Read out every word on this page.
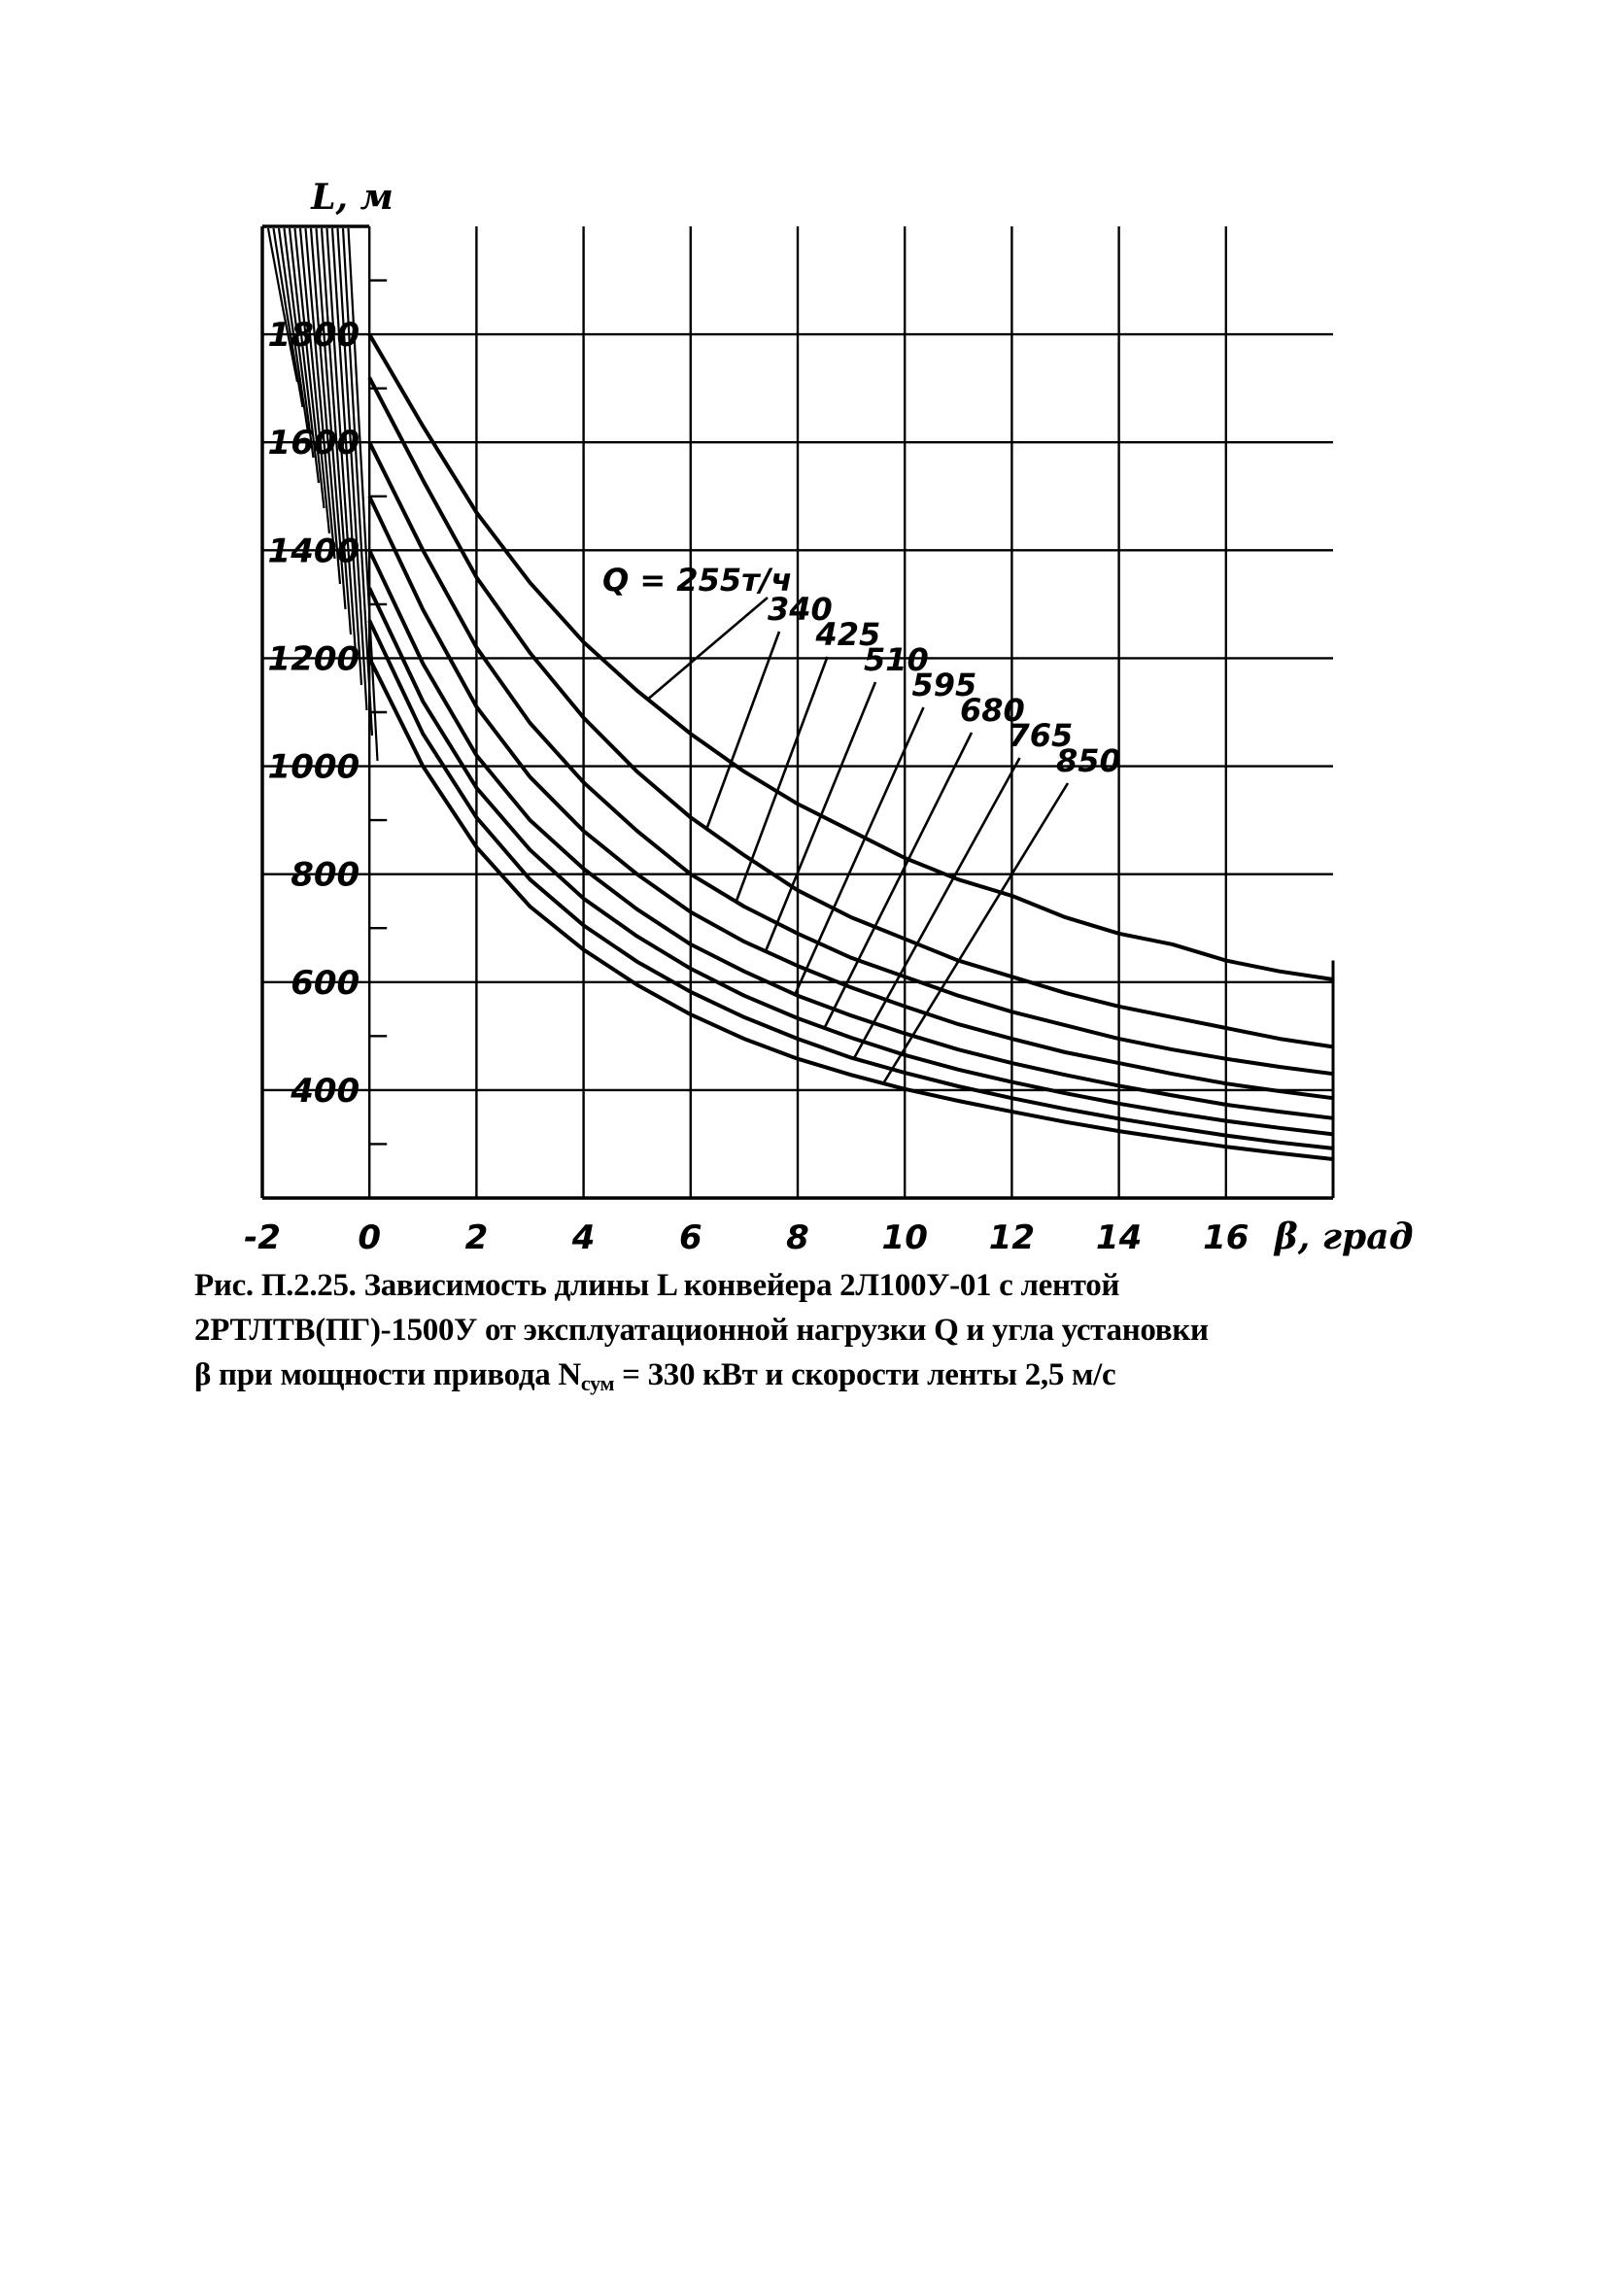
400
600
800
1000
1200
1400
1600
1800
-2 0	2	4	6	8 10 12 14 16
L, м
β, град
Q = 255т/ч
340
425
510
595
680
765
850
Рис. П.2.25. Зависимость длины L конвейера 2Л100У-01 с лентой
2РТЛТВ(ПГ)-1500У от эксплуатационной нагрузки Q и угла установки
β при мощности привода $N_{сум} = 330$ кВт и скорости ленты 2,5 м/с
